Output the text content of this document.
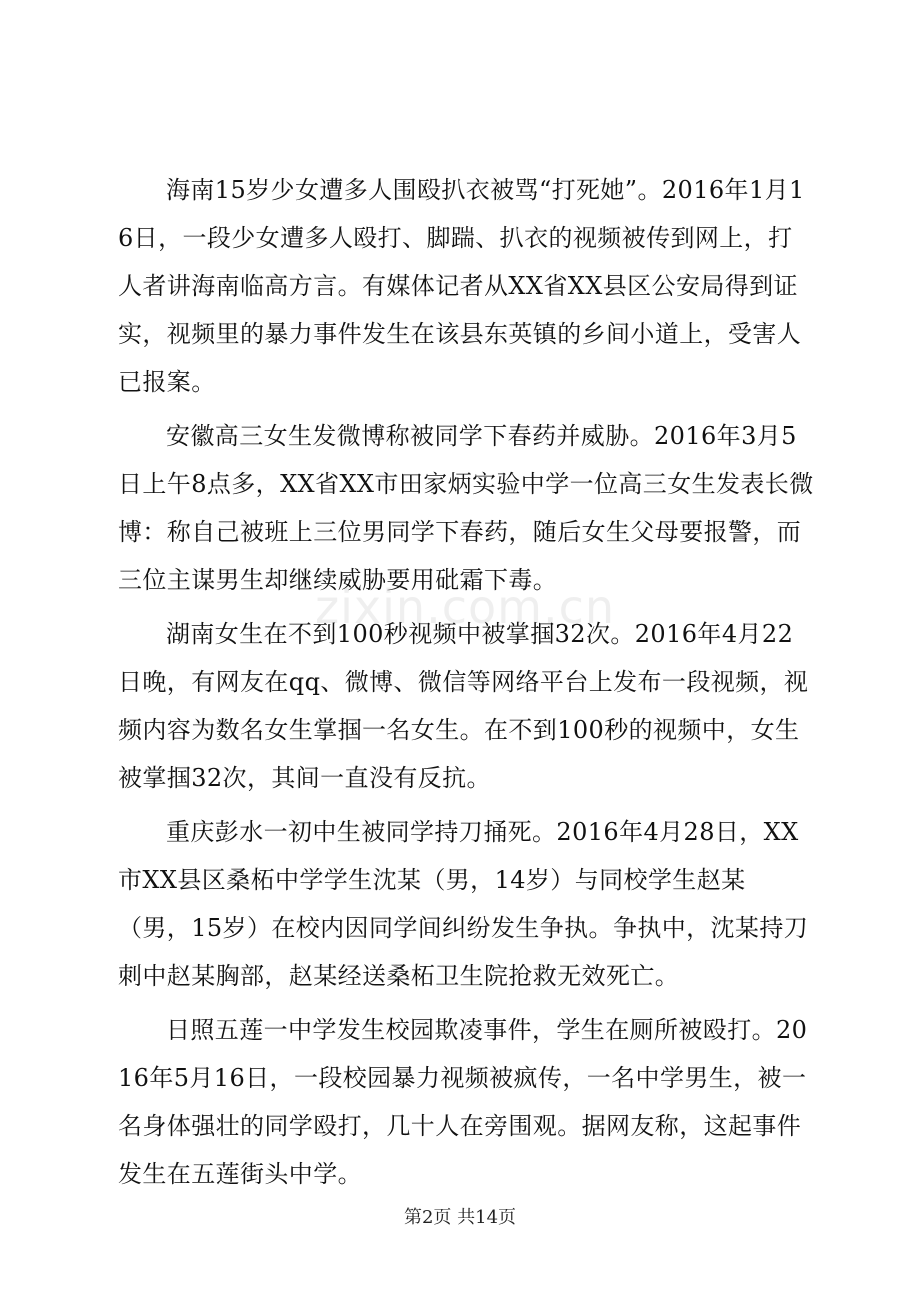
海南15岁少女遭多人围殴扒衣被骂“打死她”。2016年1月16日，一段少女遭多人殴打、脚踹、扒衣的视频被传到网上，打人者讲海南临高方言。有媒体记者从XX省XX县区公安局得到证实，视频里的暴力事件发生在该县东英镇的乡间小道上，受害人已报案。

安徽高三女生发微博称被同学下春药并威胁。2016年3月5日上午8点多，XX省XX市田家炳实验中学一位高三女生发表长微博：称自己被班上三位男同学下春药，随后女生父母要报警，而三位主谋男生却继续威胁要用砒霜下毒。

湖南女生在不到100秒视频中被掌掴32次。2016年4月22日晚，有网友在qq、微博、微信等网络平台上发布一段视频，视频内容为数名女生掌掴一名女生。在不到100秒的视频中，女生被掌掴32次，其间一直没有反抗。

重庆彭水一初中生被同学持刀捅死。2016年4月28日，XX市XX县区桑柘中学学生沈某（男，14岁）与同校学生赵某（男，15岁）在校内因同学间纠纷发生争执。争执中，沈某持刀刺中赵某胸部，赵某经送桑柘卫生院抢救无效死亡。

日照五莲一中学发生校园欺凌事件，学生在厕所被殴打。2016年5月16日，一段校园暴力视频被疯传，一名中学男生，被一名身体强壮的同学殴打，几十人在旁围观。据网友称，这起事件发生在五莲街头中学。

zixin.com.cn
第2页 共14页
